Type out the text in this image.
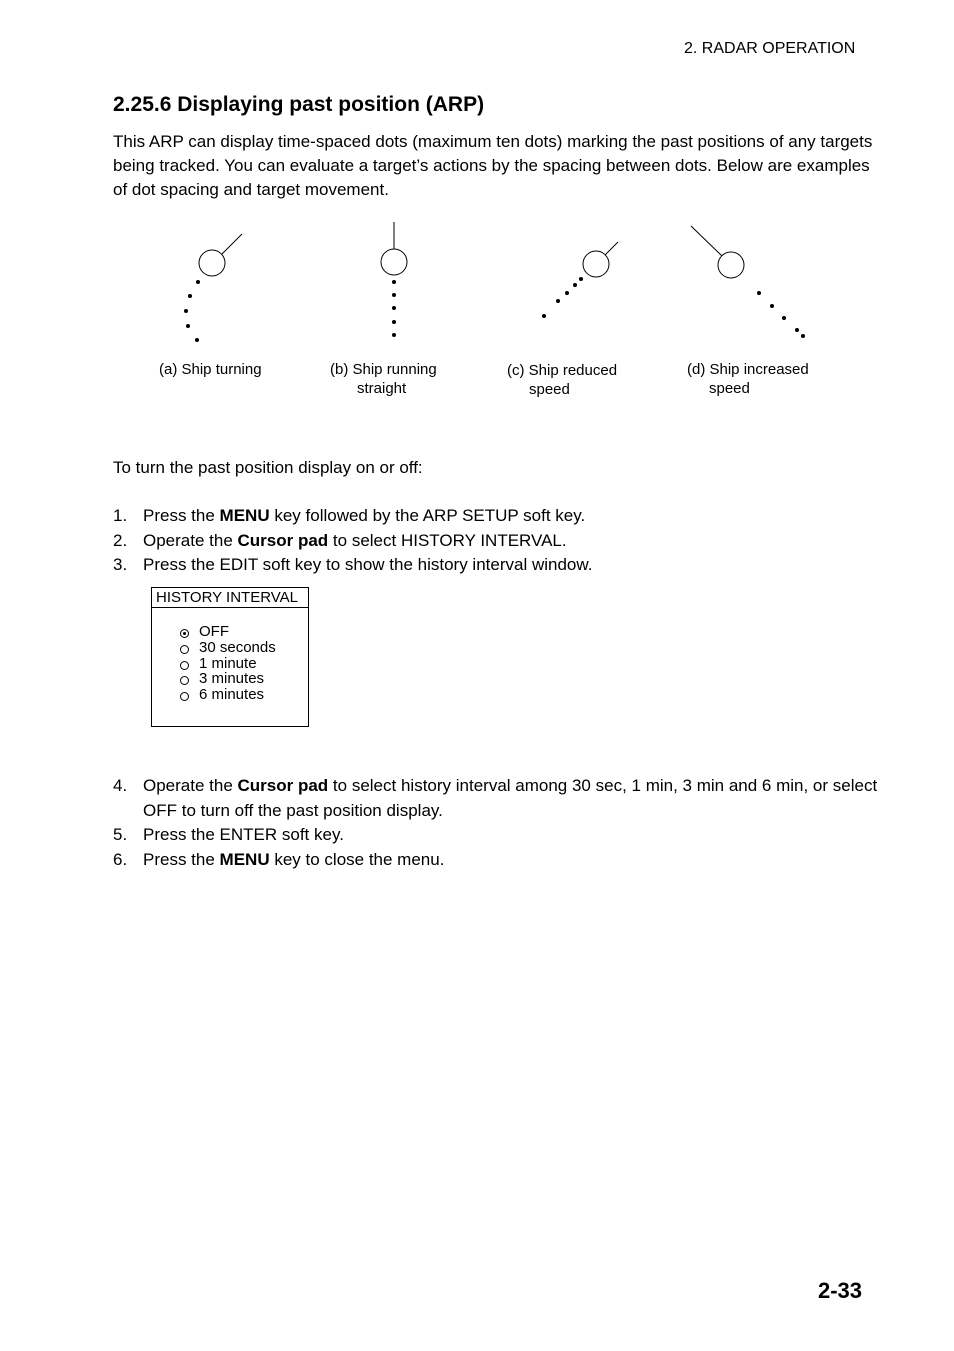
2. RADAR OPERATION
2.25.6 Displaying past position (ARP)

This ARP can display time-spaced dots (maximum ten dots) marking the past positions of any targets being tracked. You can evaluate a target’s actions by the spacing between dots. Below are examples of dot spacing and target movement.

(a) Ship turning	(b) Ship running
straight
(c) Ship reduced
speed
(d) Ship increased
speed
To turn the past position display on or off:
1. Press the MENU key followed by the ARP SETUP soft key.
2. Operate the Cursor pad to select HISTORY INTERVAL.
3. Press the EDIT soft key to show the history interval window.
HISTORY INTERVAL
OFF
30 seconds
1 minute
3 minutes
6 minutes
4. Operate the Cursor pad to select history interval among 30 sec, 1 min, 3 min and 6 min, or select OFF to turn off the past position display.
5. Press the ENTER soft key.
6. Press the MENU key to close the menu.
2-33
